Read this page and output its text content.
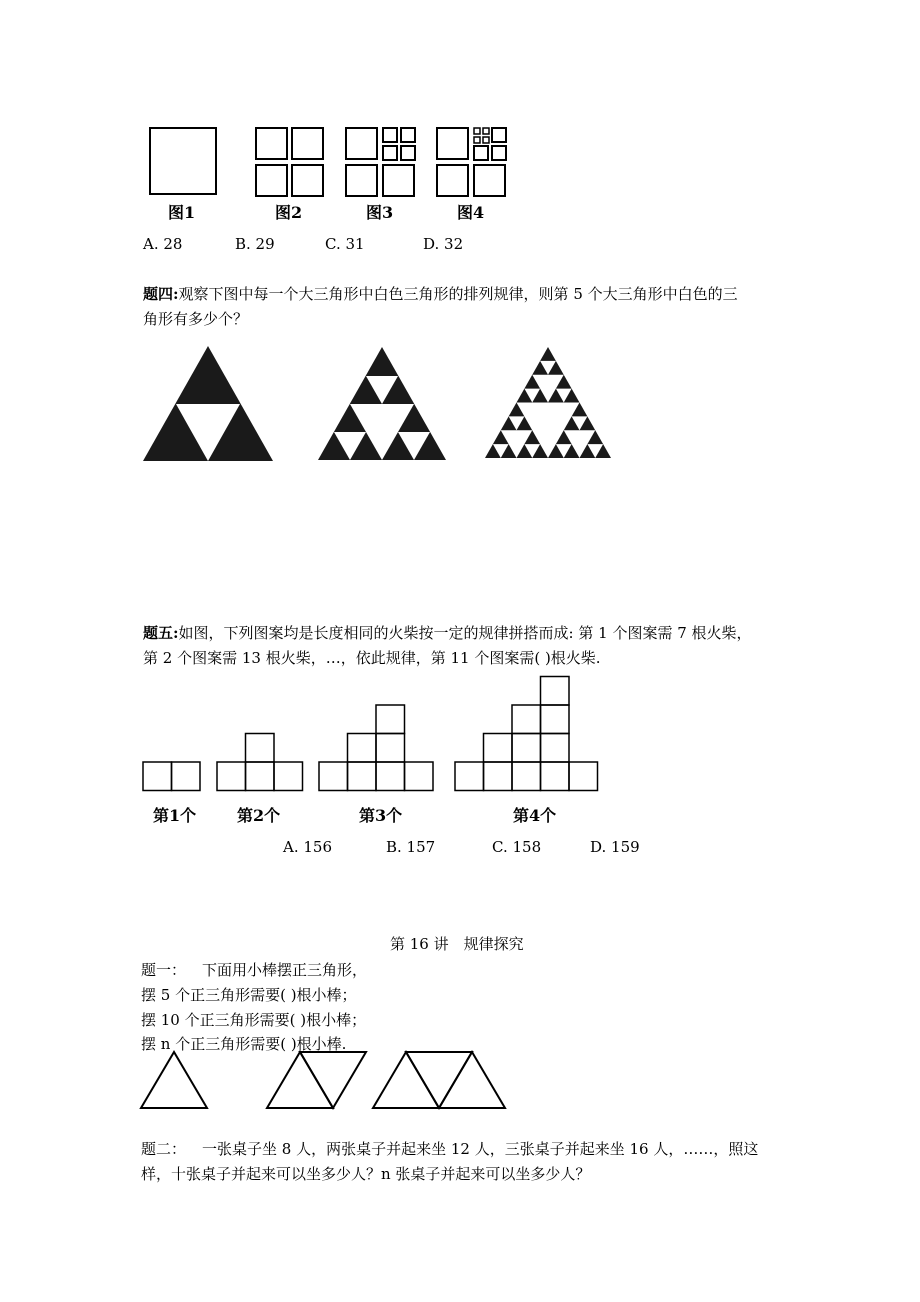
图1	图2	图3	图4
A. 28	B. 29	C. 31	D. 32
题四:观察下图中每一个大三角形中白色三角形的排列规律，则第 5 个大三角形中白色的三
角形有多少个？
题五:如图，下列图案均是长度相同的火柴按一定的规律拼搭而成: 第 1 个图案需 7 根火柴，
第 2 个图案需 13 根火柴，…，依此规律，第 11 个图案需( )根火柴.
第1个	第2个	第3个	第4个
A. 156	B. 157	C. 158	D. 159
第 16 讲　规律探究
题一： 下面用小棒摆正三角形，
摆 5 个正三角形需要( )根小棒；
摆 10 个正三角形需要( )根小棒；
摆 n 个正三角形需要( )根小棒.
题二： 一张桌子坐 8 人，两张桌子并起来坐 12 人，三张桌子并起来坐 16 人，……，照这
样，十张桌子并起来可以坐多少人？n 张桌子并起来可以坐多少人？
